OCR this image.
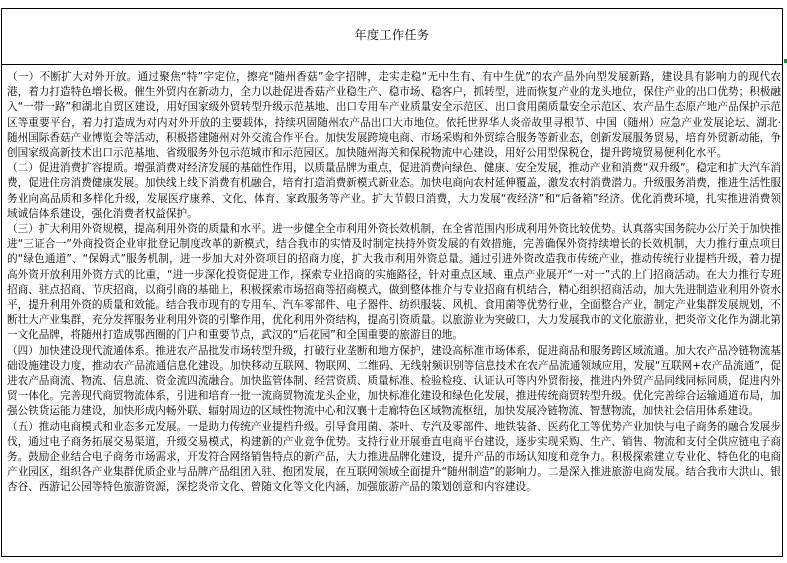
年度工作任务

（一）不断扩大对外开放。通过聚焦“特”字定位，擦亮“随州香菇”金字招牌，走实走稳“无中生有、有中生优”的农产品外向型发展新路，建设具有影响力的现代农港，着力打造特色增长极。催生外贸内在新动力，全力以赴促进香菇产业稳生产、稳市场、稳客户，抓转型，进而恢复产业的龙头地位，保住产业的出口优势；积极融入“一带一路”和湖北自贸区建设，用好国家级外贸转型升级示范基地、出口专用车产业质量安全示范区、出口食用菌质量安全示范区、农产品生态原产地产品保护示范区等重要平台，着力打造成为对内对外开放的主要载体，持续巩固随州农产品出口大市地位。依托世界华人炎帝故里寻根节、中国（随州）应急产业发展论坛、湖北·随州国际香菇产业博览会等活动，积极搭建随州对外交流合作平台。加快发展跨境电商、市场采购和外贸综合服务等新业态，创新发展服务贸易，培育外贸新动能，争创国家级高新技术出口示范基地、省级服务外包示范城市和示范园区。加快随州海关和保税物流中心建设，用好公用型保税仓，提升跨境贸易便利化水平。

（二）促进消费扩容提质。增强消费对经济发展的基础性作用，以质量品牌为重点，促进消费向绿色、健康、安全发展，推动产业和消费“双升级”。稳定和扩大汽车消费，促进住房消费健康发展。加快线上线下消费有机融合，培育打造消费新模式新业态。加快电商向农村延伸覆盖，激发农村消费潜力。升级服务消费，推进生活性服务业向高品质和多样化升级，发展医疗康养、文化、体育、家政服务等产业。扩大节假日消费，大力发展“夜经济”和“后备箱”经济。优化消费环境，扎实推进消费领域诚信体系建设，强化消费者权益保护。

（三）扩大利用外资规模，提高利用外资的质量和水平。进一步健全全市利用外资长效机制，在全省范围内形成利用外资比较优势。认真落实国务院办公厅关于加快推进“三证合一”外商投资企业审批登记制度改革的新模式，结合我市的实情及时制定扶持外资发展的有效措施，完善确保外资持续增长的长效机制，大力推行重点项目的“绿色通道”、“保姆式”服务机制，进一步加大对外资项目的招商力度，扩大我市利用外资总量。通过引进外资改造我市传统产业，推动传统行业提档升级，着力提高外资开放利用外资方式的比重，“进一步深化投资促进工作，探索专业招商的实施路径，针对重点区域、重点产业展开“一对一”式的上门招商活动。在大力推行专班招商、驻点招商、节庆招商，以商引商的基础上，积极探索市场招商等招商模式，做到整体推介与专业招商有机结合，精心组织招商活动，加大先进制造业利用外资水平，提升利用外资的质量和效能。结合我市现有的专用车、汽车零部件、电子器件、纺织服装、风机、食用菌等优势行业，全面整合产业，制定产业集群发展规划，不断壮大产业集群，充分发挥服务业利用外资的引擎作用，优化利用外资结构，提高引资质量。以旅游业为突破口，大力发展我市的文化旅游业，把炎帝文化作为湖北第一文化品牌，将随州打造成鄂西圈的门户和重要节点，武汉的“后花园”和全国重要的旅游目的地。

（四）加快建设现代流通体系。推进农产品批发市场转型升级，打破行业垄断和地方保护，建设高标准市场体系，促进商品和服务跨区域流通。加大农产品冷链物流基础设施建设力度，推动农产品流通信息化建设。加快移动互联网、物联网、二维码、无线射频识别等信息技术在农产品流通领域应用，发展“互联网+农产品流通”，促进农产品商流、物流、信息流、资金流四流融合。加快监管体制、经营资质、质量标准、检验检疫、认证认可等内外贸衔接，推进内外贸产品同线同标同质，促进内外贸一体化。完善现代商贸物流体系，引进和培育一批一流商贸物流龙头企业，加快标准化建设和绿色化发展，推进传统商贸转型升级。优化完善综合运输通道布局，加强公铁货运能力建设，加快形成内畅外联、辐射周边的区域性物流中心和汉襄十走廊特色区域物流枢纽，加快发展冷链物流、智慧物流，加快社会信用体系建设。

（五）推动电商模式和业态多元发展。一是助力传统产业提档升级。引导食用菌、茶叶、专汽及零部件、地铁装备、医药化工等优势产业加快与电子商务的融合发展步伐，通过电子商务拓展交易渠道，升级交易模式，构建新的产业竞争优势。支持行业开展垂直电商平台建设，逐步实现采购、生产、销售、物流和支付全供应链电子商务。鼓励企业结合电子商务市场需求，开发符合网络销售特点的新产品，大力推进品牌化建设，提升产品的市场认知度和竞争力。积极探索建立专业化、特色化的电商产业园区，组织各产业集群优质企业与品牌产品组团入驻、抱团发展，在互联网领域全面提升“随州制造”的影响力。二是深入推进旅游电商发展。结合我市大洪山、银杏谷、西游记公园等特色旅游资源，深挖炎帝文化、曾随文化等文化内涵，加强旅游产品的策划创意和内容建设。
